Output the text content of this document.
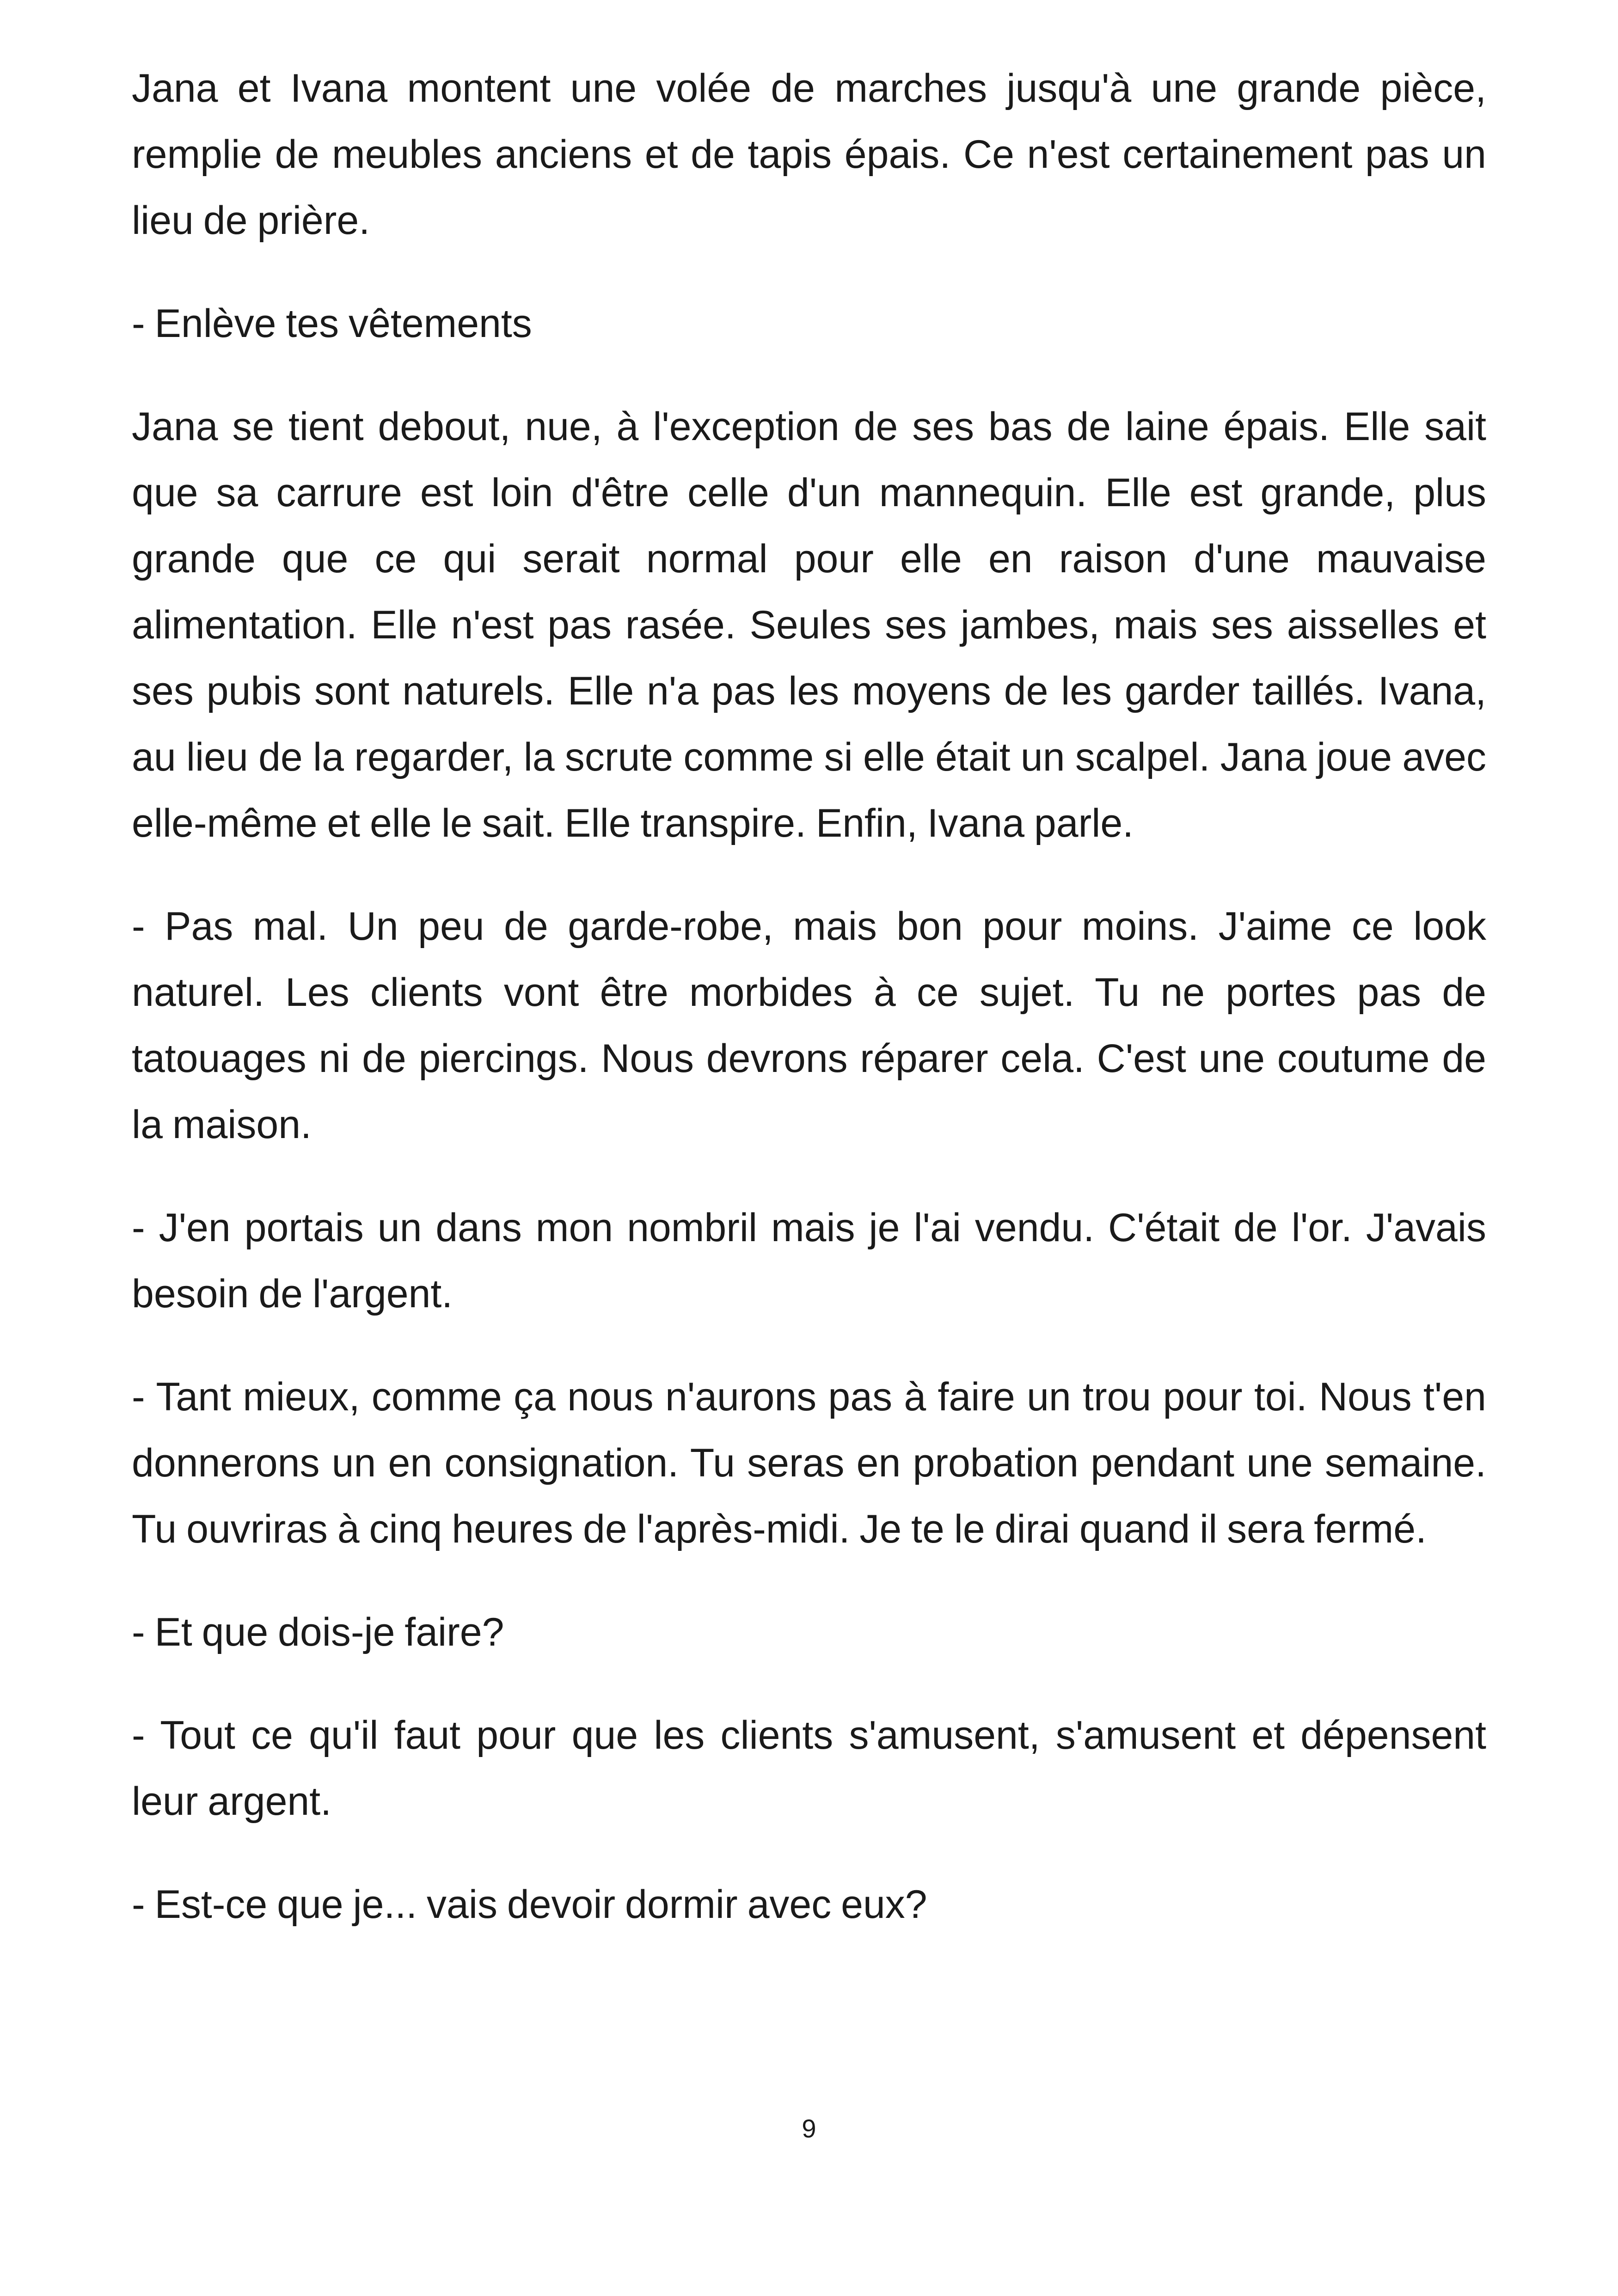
Jana et Ivana montent une volée de marches jusqu'à une grande pièce, remplie de meubles anciens et de tapis épais. Ce n'est certainement pas un lieu de prière.

- Enlève tes vêtements

Jana se tient debout, nue, à l'exception de ses bas de laine épais. Elle sait que sa carrure est loin d'être celle d'un mannequin. Elle est grande, plus grande que ce qui serait normal pour elle en raison d'une mauvaise alimentation. Elle n'est pas rasée. Seules ses jambes, mais ses aisselles et ses pubis sont naturels. Elle n'a pas les moyens de les garder taillés. Ivana, au lieu de la regarder, la scrute comme si elle était un scalpel. Jana joue avec elle-même et elle le sait. Elle transpire. Enfin, Ivana parle.

- Pas mal. Un peu de garde-robe, mais bon pour moins. J'aime ce look naturel. Les clients vont être morbides à ce sujet. Tu ne portes pas de tatouages ni de piercings. Nous devrons réparer cela. C'est une coutume de la maison.

- J'en portais un dans mon nombril mais je l'ai vendu. C'était de l'or. J'avais besoin de l'argent.

- Tant mieux, comme ça nous n'aurons pas à faire un trou pour toi. Nous t'en donnerons un en consignation. Tu seras en probation pendant une semaine. Tu ouvriras à cinq heures de l'après-midi. Je te le dirai quand il sera fermé.

- Et que dois-je faire?

- Tout ce qu'il faut pour que les clients s'amusent, s'amusent et dépensent leur argent.

- Est-ce que je... vais devoir dormir avec eux?

9
